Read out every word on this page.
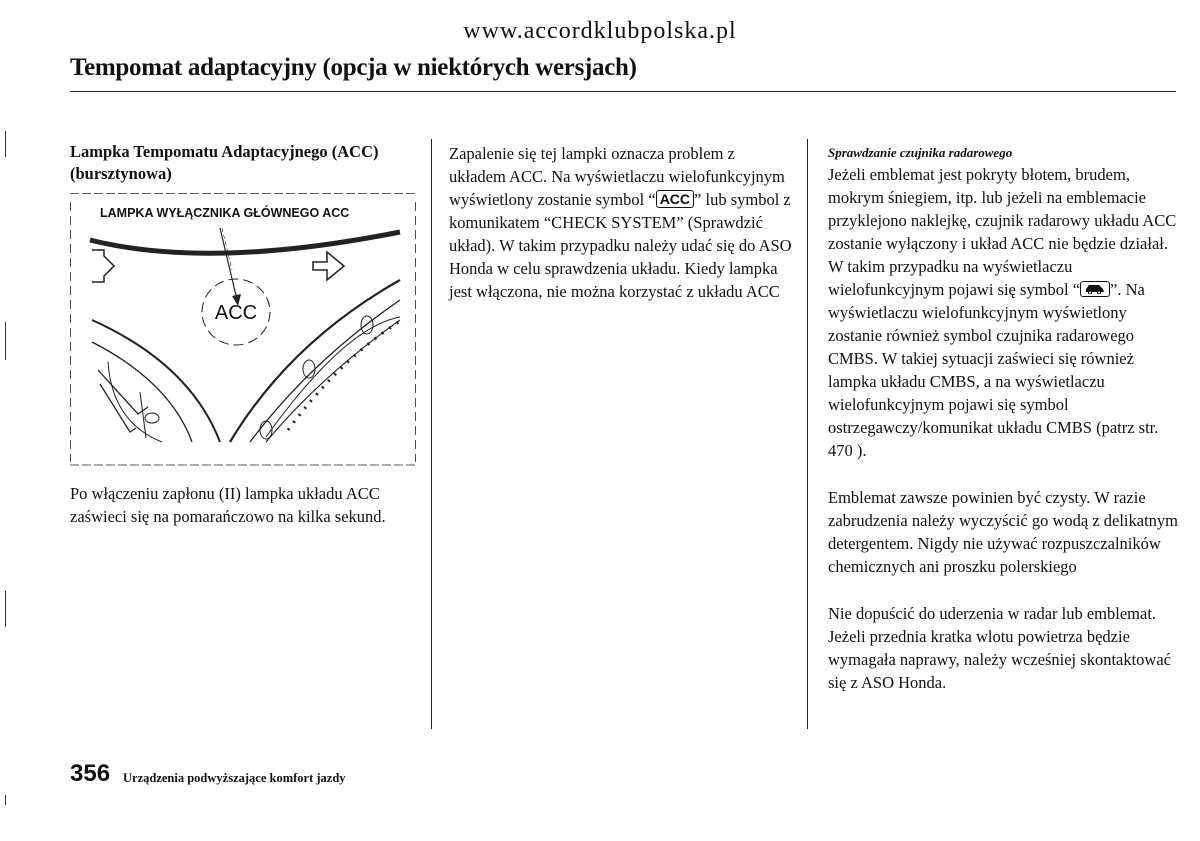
www.accordklubpolska.pl
Tempomat adaptacyjny (opcja w niektórych wersjach)
Lampka Tempomatu Adaptacyjnego (ACC)
(bursztynowa)
LAMPKA WYŁĄCZNIKA GŁÓWNEGO ACC
ACC
Po włączeniu zapłonu (II) lampka układu ACC zaświeci się na pomarańczowo na kilka sekund.
Zapalenie się tej lampki oznacza problem z układem ACC. Na wyświetlaczu wielofunkcyjnym wyświetlony zostanie symbol “ ACC ” lub symbol z komunikatem “CHECK SYSTEM” (Sprawdzić układ). W takim przypadku należy udać się do ASO Honda w celu sprawdzenia układu. Kiedy lampka jest włączona, nie można korzystać z układu ACC
Sprawdzanie czujnika radarowego

Jeżeli emblemat jest pokryty błotem, brudem, mokrym śniegiem, itp. lub jeżeli na emblemacie przyklejono naklejkę, czujnik radarowy układu ACC zostanie wyłączony i układ ACC nie będzie działał. W takim przypadku na wyświetlaczu wielofunkcyjnym pojawi się symbol “ ”. Na wyświetlaczu wielofunkcyjnym wyświetlony zostanie również symbol czujnika radarowego CMBS. W takiej sytuacji zaświeci się również lampka układu CMBS, a na wyświetlaczu wielofunkcyjnym pojawi się symbol ostrzegawczy/komunikat układu CMBS (patrz str. 470 ).

Emblemat zawsze powinien być czysty. W razie zabrudzenia należy wyczyścić go wodą z delikatnym detergentem. Nigdy nie używać rozpuszczalników chemicznych ani proszku polerskiego

Nie dopuścić do uderzenia w radar lub emblemat. Jeżeli przednia kratka wlotu powietrza będzie wymagała naprawy, należy wcześniej skontaktować się z ASO Honda.

356 Urządzenia podwyższające komfort jazdy
